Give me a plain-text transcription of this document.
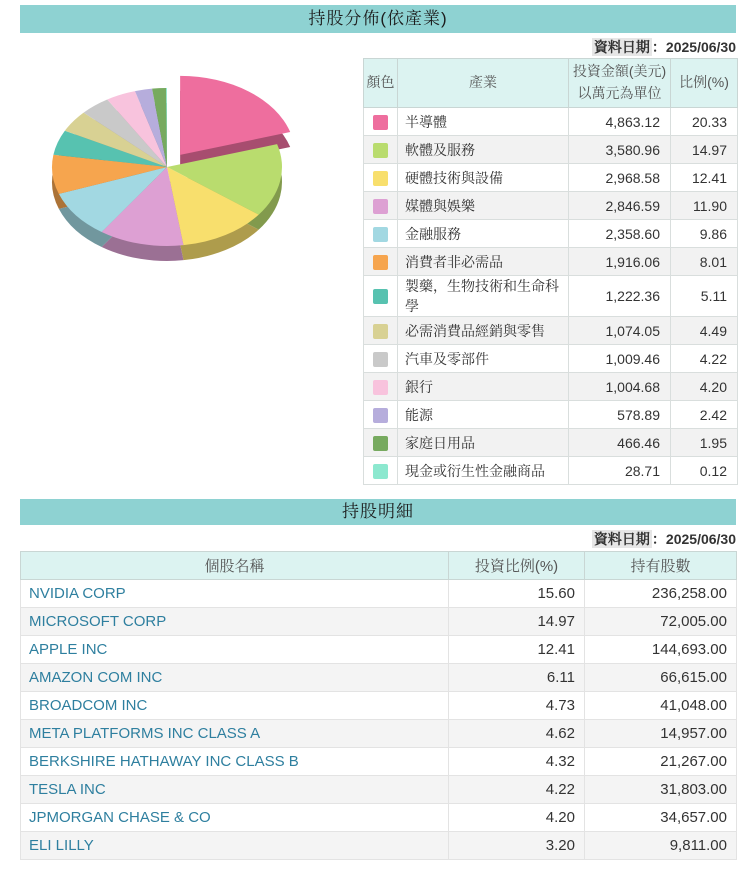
持股分佈(依產業)
資料日期 ：2025/06/30
顏色	產業	投資金額(美元)
以萬元為單位	比例(%)
	半導體	4,863.12	20.33
	軟體及服務	3,580.96	14.97
	硬體技術與設備	2,968.58	12.41
	媒體與娛樂	2,846.59	11.90
	金融服務	2,358.60	9.86
	消費者非必需品	1,916.06	8.01
	製藥，生物技術和生命科學	1,222.36	5.11
	必需消費品經銷與零售	1,074.05	4.49
	汽車及零部件	1,009.46	4.22
	銀行	1,004.68	4.20
	能源	578.89	2.42
	家庭日用品	466.46	1.95
	現金或衍生性金融商品	28.71	0.12
持股明細
資料日期 ：2025/06/30
個股名稱	投資比例(%)	持有股數
NVIDIA CORP	15.60	236,258.00
MICROSOFT CORP	14.97	72,005.00
APPLE INC	12.41	144,693.00
AMAZON COM INC	6.11	66,615.00
BROADCOM INC	4.73	41,048.00
META PLATFORMS INC CLASS A	4.62	14,957.00
BERKSHIRE HATHAWAY INC CLASS B	4.32	21,267.00
TESLA INC	4.22	31,803.00
JPMORGAN CHASE & CO	4.20	34,657.00
ELI LILLY	3.20	9,811.00
